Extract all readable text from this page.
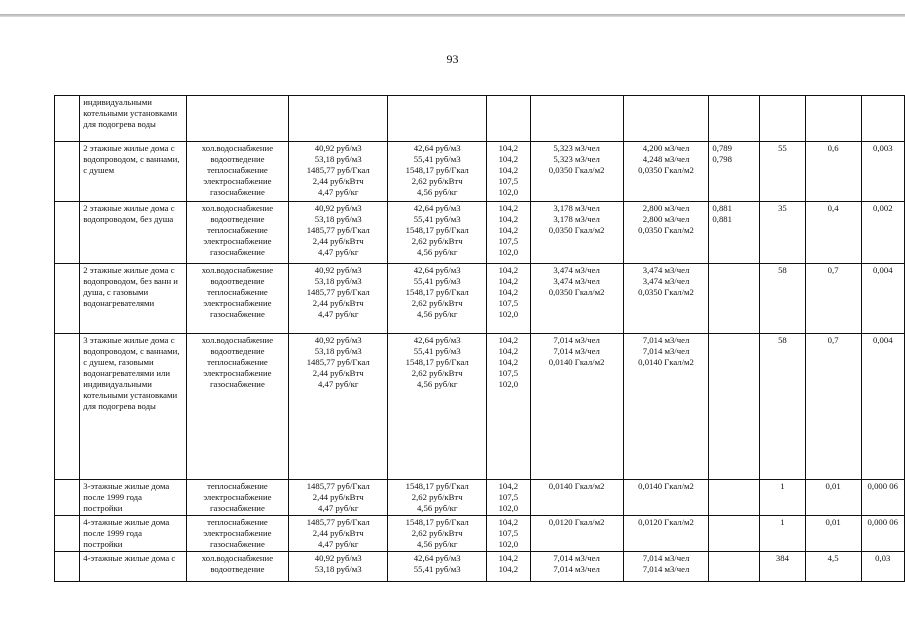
93
	индивидуальными котельными установками для подогрева воды										
	2 этажные жилые дома с водопроводом, с ваннами, с душем	хол.водоснабжение
водоотведение
теплоснабжение
электроснабжение
газоснабжение	40,92 руб/м3
53,18 руб/м3
1485,77 руб/Гкал
2,44 руб/кВтч
4,47 руб/кг	42,64 руб/м3
55,41 руб/м3
1548,17 руб/Гкал
2,62 руб/кВтч
4,56 руб/кг	104,2
104,2
104,2
107,5
102,0	5,323 м3/чел
5,323 м3/чел
0,0350 Гкал/м2	4,200 м3/чел
4,248 м3/чел
0,0350 Гкал/м2	0,789
0,798	55	0,6	0,003
	2 этажные жилые дома с водопроводом, без душа	хол.водоснабжение
водоотведение
теплоснабжение
электроснабжение
газоснабжение	40,92 руб/м3
53,18 руб/м3
1485,77 руб/Гкал
2,44 руб/кВтч
4,47 руб/кг	42,64 руб/м3
55,41 руб/м3
1548,17 руб/Гкал
2,62 руб/кВтч
4,56 руб/кг	104,2
104,2
104,2
107,5
102,0	3,178 м3/чел
3,178 м3/чел
0,0350 Гкал/м2	2,800 м3/чел
2,800 м3/чел
0,0350 Гкал/м2	0,881
0,881	35	0,4	0,002
	2 этажные жилые дома с водопроводом, без ванн и душа, с газовыми водонагревателями	хол.водоснабжение
водоотведение
теплоснабжение
электроснабжение
газоснабжение	40,92 руб/м3
53,18 руб/м3
1485,77 руб/Гкал
2,44 руб/кВтч
4,47 руб/кг	42,64 руб/м3
55,41 руб/м3
1548,17 руб/Гкал
2,62 руб/кВтч
4,56 руб/кг	104,2
104,2
104,2
107,5
102,0	3,474 м3/чел
3,474 м3/чел
0,0350 Гкал/м2	3,474 м3/чел
3,474 м3/чел
0,0350 Гкал/м2		58	0,7	0,004
	3 этажные жилые дома с водопроводом, с ваннами, с душем, газовыми водонагревателями или индивидуальными котельными установками для подогрева воды	хол.водоснабжение
водоотведение
теплоснабжение
электроснабжение
газоснабжение	40,92 руб/м3
53,18 руб/м3
1485,77 руб/Гкал
2,44 руб/кВтч
4,47 руб/кг	42,64 руб/м3
55,41 руб/м3
1548,17 руб/Гкал
2,62 руб/кВтч
4,56 руб/кг	104,2
104,2
104,2
107,5
102,0	7,014 м3/чел
7,014 м3/чел
0,0140 Гкал/м2	7,014 м3/чел
7,014 м3/чел
0,0140 Гкал/м2		58	0,7	0,004
	3-этажные жилые дома после 1999 года постройки	теплоснабжение
электроснабжение
газоснабжение	1485,77 руб/Гкал
2,44 руб/кВтч
4,47 руб/кг	1548,17 руб/Гкал
2,62 руб/кВтч
4,56 руб/кг	104,2
107,5
102,0	0,0140 Гкал/м2	0,0140 Гкал/м2		1	0,01	0,000 06
	4-этажные жилые дома после 1999 года постройки	теплоснабжение
электроснабжение
газоснабжение	1485,77 руб/Гкал
2,44 руб/кВтч
4,47 руб/кг	1548,17 руб/Гкал
2,62 руб/кВтч
4,56 руб/кг	104,2
107,5
102,0	0,0120 Гкал/м2	0,0120 Гкал/м2		1	0,01	0,000 06
	4-этажные жилые дома с	хол.водоснабжение
водоотведение	40,92 руб/м3
53,18 руб/м3	42,64 руб/м3
55,41 руб/м3	104,2
104,2	7,014 м3/чел
7,014 м3/чел	7,014 м3/чел
7,014 м3/чел		384	4,5	0,03
